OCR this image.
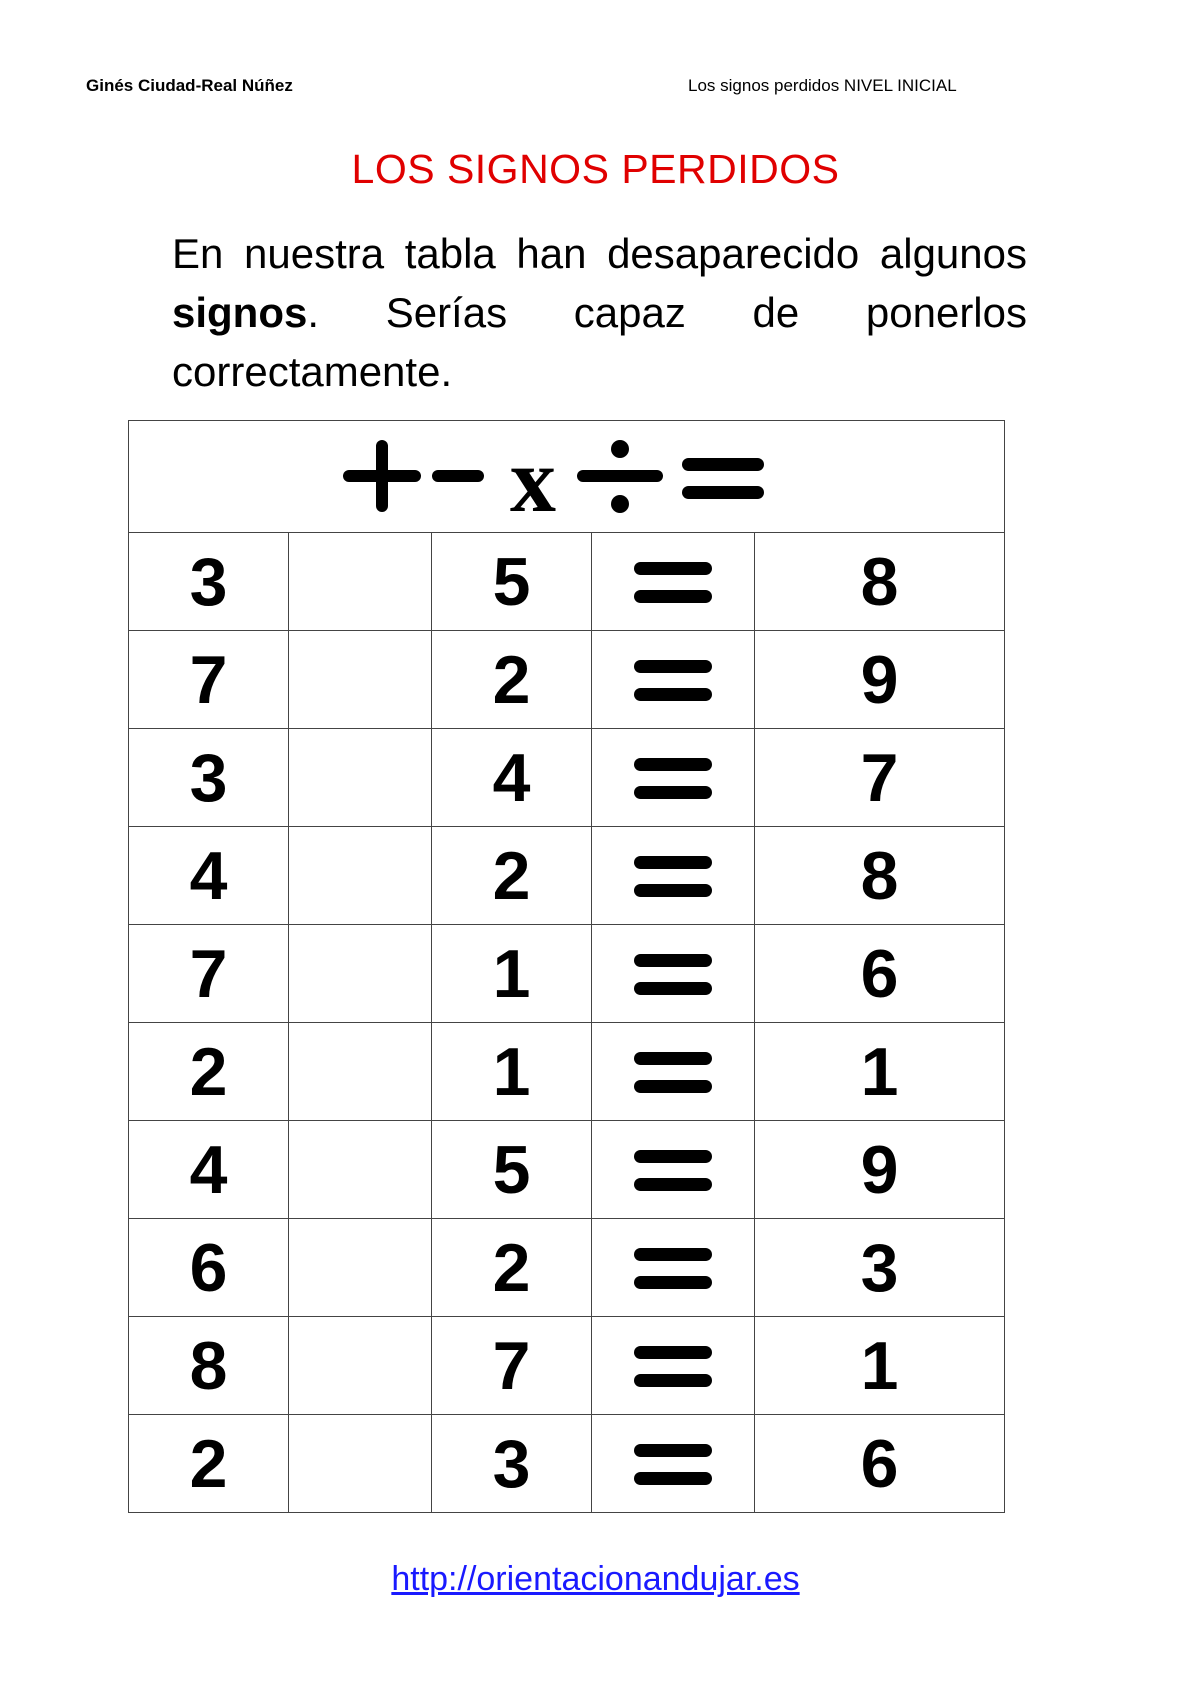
Ginés Ciudad-Real Núñez	Los signos perdidos NIVEL INICIAL
LOS SIGNOS PERDIDOS
En nuestra tabla han desaparecido algunos signos. Serías capaz de ponerlos correctamente.
x				

3		5		8
7		2		9
3		4		7
4		2		8
7		1		6
2		1		1
4		5		9
6		2		3
8		7		1
2		3		6
http://orientacionandujar.es
